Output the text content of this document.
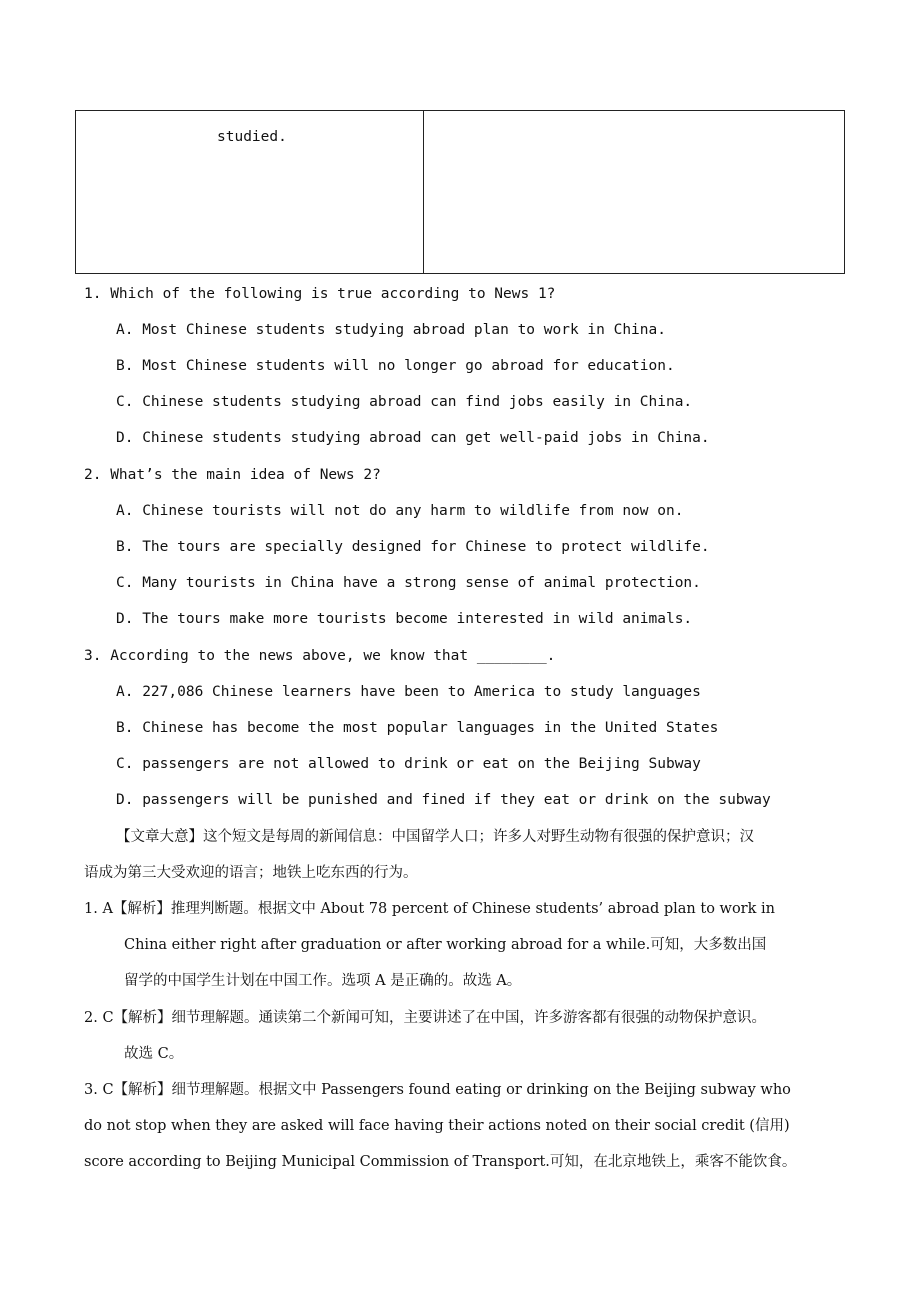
studied.
1. Which of the following is true according to News 1?
A. Most Chinese students studying abroad plan to work in China.
B. Most Chinese students will no longer go abroad for education.
C. Chinese students studying abroad can find jobs easily in China.
D. Chinese students studying abroad can get well-paid jobs in China.
2. What’s the main idea of News 2?
A. Chinese tourists will not do any harm to wildlife from now on.
B. The tours are specially designed for Chinese to protect wildlife.
C. Many tourists in China have a strong sense of animal protection.
D. The tours make more tourists become interested in wild animals.
3. According to the news above, we know that ________.
A. 227,086 Chinese learners have been to America to study languages
B. Chinese has become the most popular languages in the United States
C. passengers are not allowed to drink or eat on the Beijing Subway
D. passengers will be punished and fined if they eat or drink on the subway
【文章大意】这个短文是每周的新闻信息：中国留学人口；许多人对野生动物有很强的保护意识；汉
语成为第三大受欢迎的语言；地铁上吃东西的行为。
1. A【解析】推理判断题。根据文中 About 78 percent of Chinese students’ abroad plan to work in
China either right after graduation or after working abroad for a while.可知，大多数出国
留学的中国学生计划在中国工作。选项 A 是正确的。故选 A。
2. C【解析】细节理解题。通读第二个新闻可知，主要讲述了在中国，许多游客都有很强的动物保护意识。
故选 C。
3. C【解析】细节理解题。根据文中 Passengers found eating or drinking on the Beijing subway who
do not stop when they are asked will face having their actions noted on their social credit (信用)
score according to Beijing Municipal Commission of Transport.可知，在北京地铁上，乘客不能饮食。
